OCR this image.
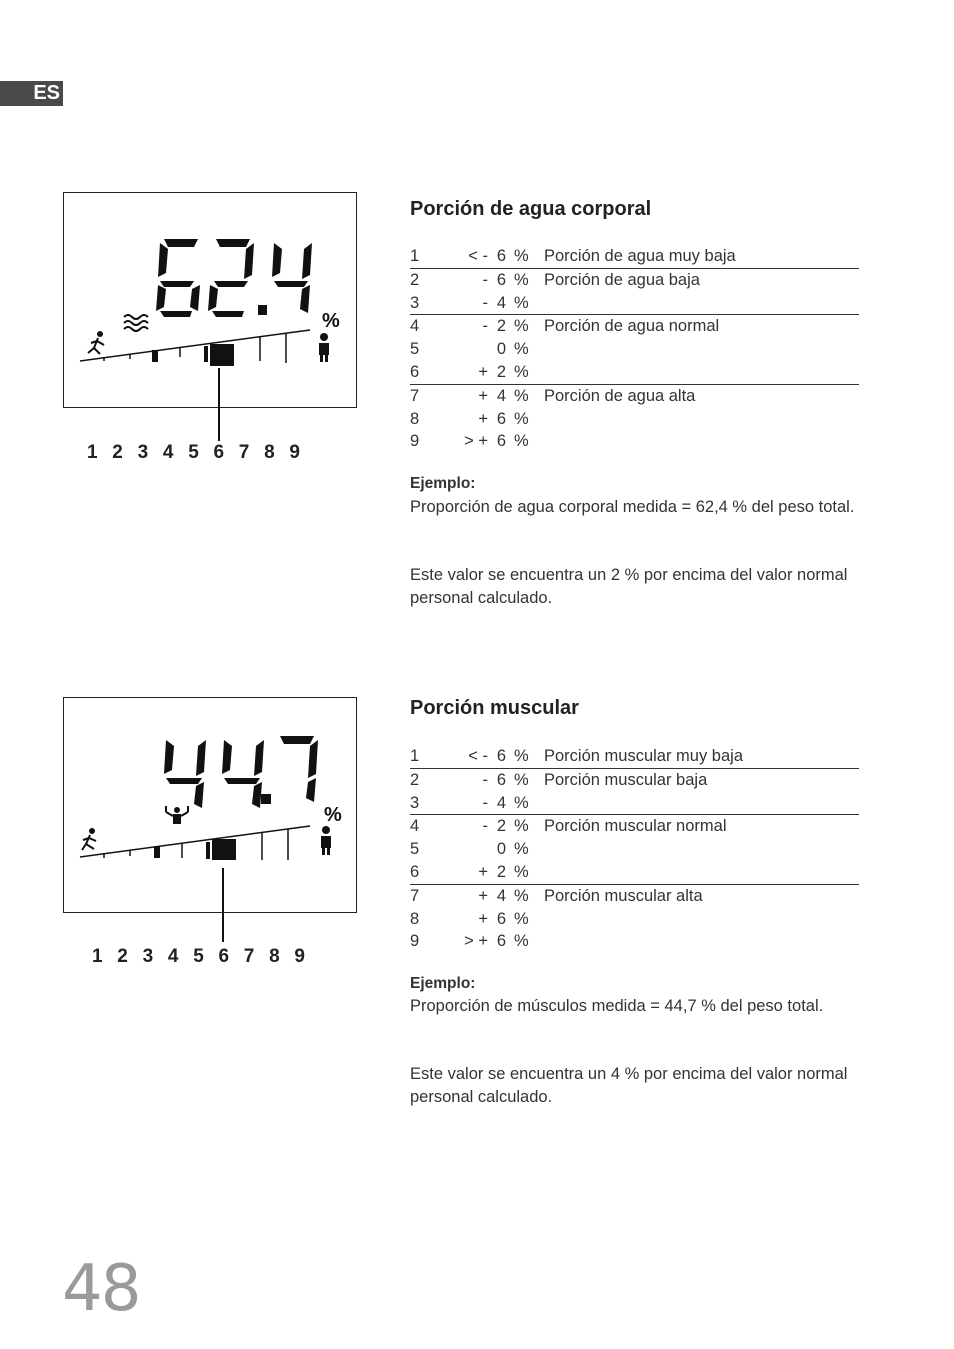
ES
%
1 2 3 4 5 6 7 8 9
Porción de agua corporal
1	< -	6	%	Porción de agua muy baja
2	-	6	%	Porción de agua baja
3	-	4	%	
4	-	2	%	Porción de agua normal
5		0	%	
6	+	2	%	
7	+	4	%	Porción de agua alta
8	+	6	%	
9	> +	6	%	
Ejemplo:
Proporción de agua corporal medida = 62,4 % del peso total.
Este valor se encuentra un 2 % por encima del valor normal personal calculado.
%
1 2 3 4 5 6 7 8 9
Porción muscular
1	< -	6	%	Porción muscular muy baja
2	-	6	%	Porción muscular baja
3	-	4	%	
4	-	2	%	Porción muscular normal
5		0	%	
6	+	2	%	
7	+	4	%	Porción muscular alta
8	+	6	%	
9	> +	6	%	
Ejemplo:
Proporción de músculos medida = 44,7 % del peso total.
Este valor se encuentra un 4 % por encima del valor normal personal calculado.
48
